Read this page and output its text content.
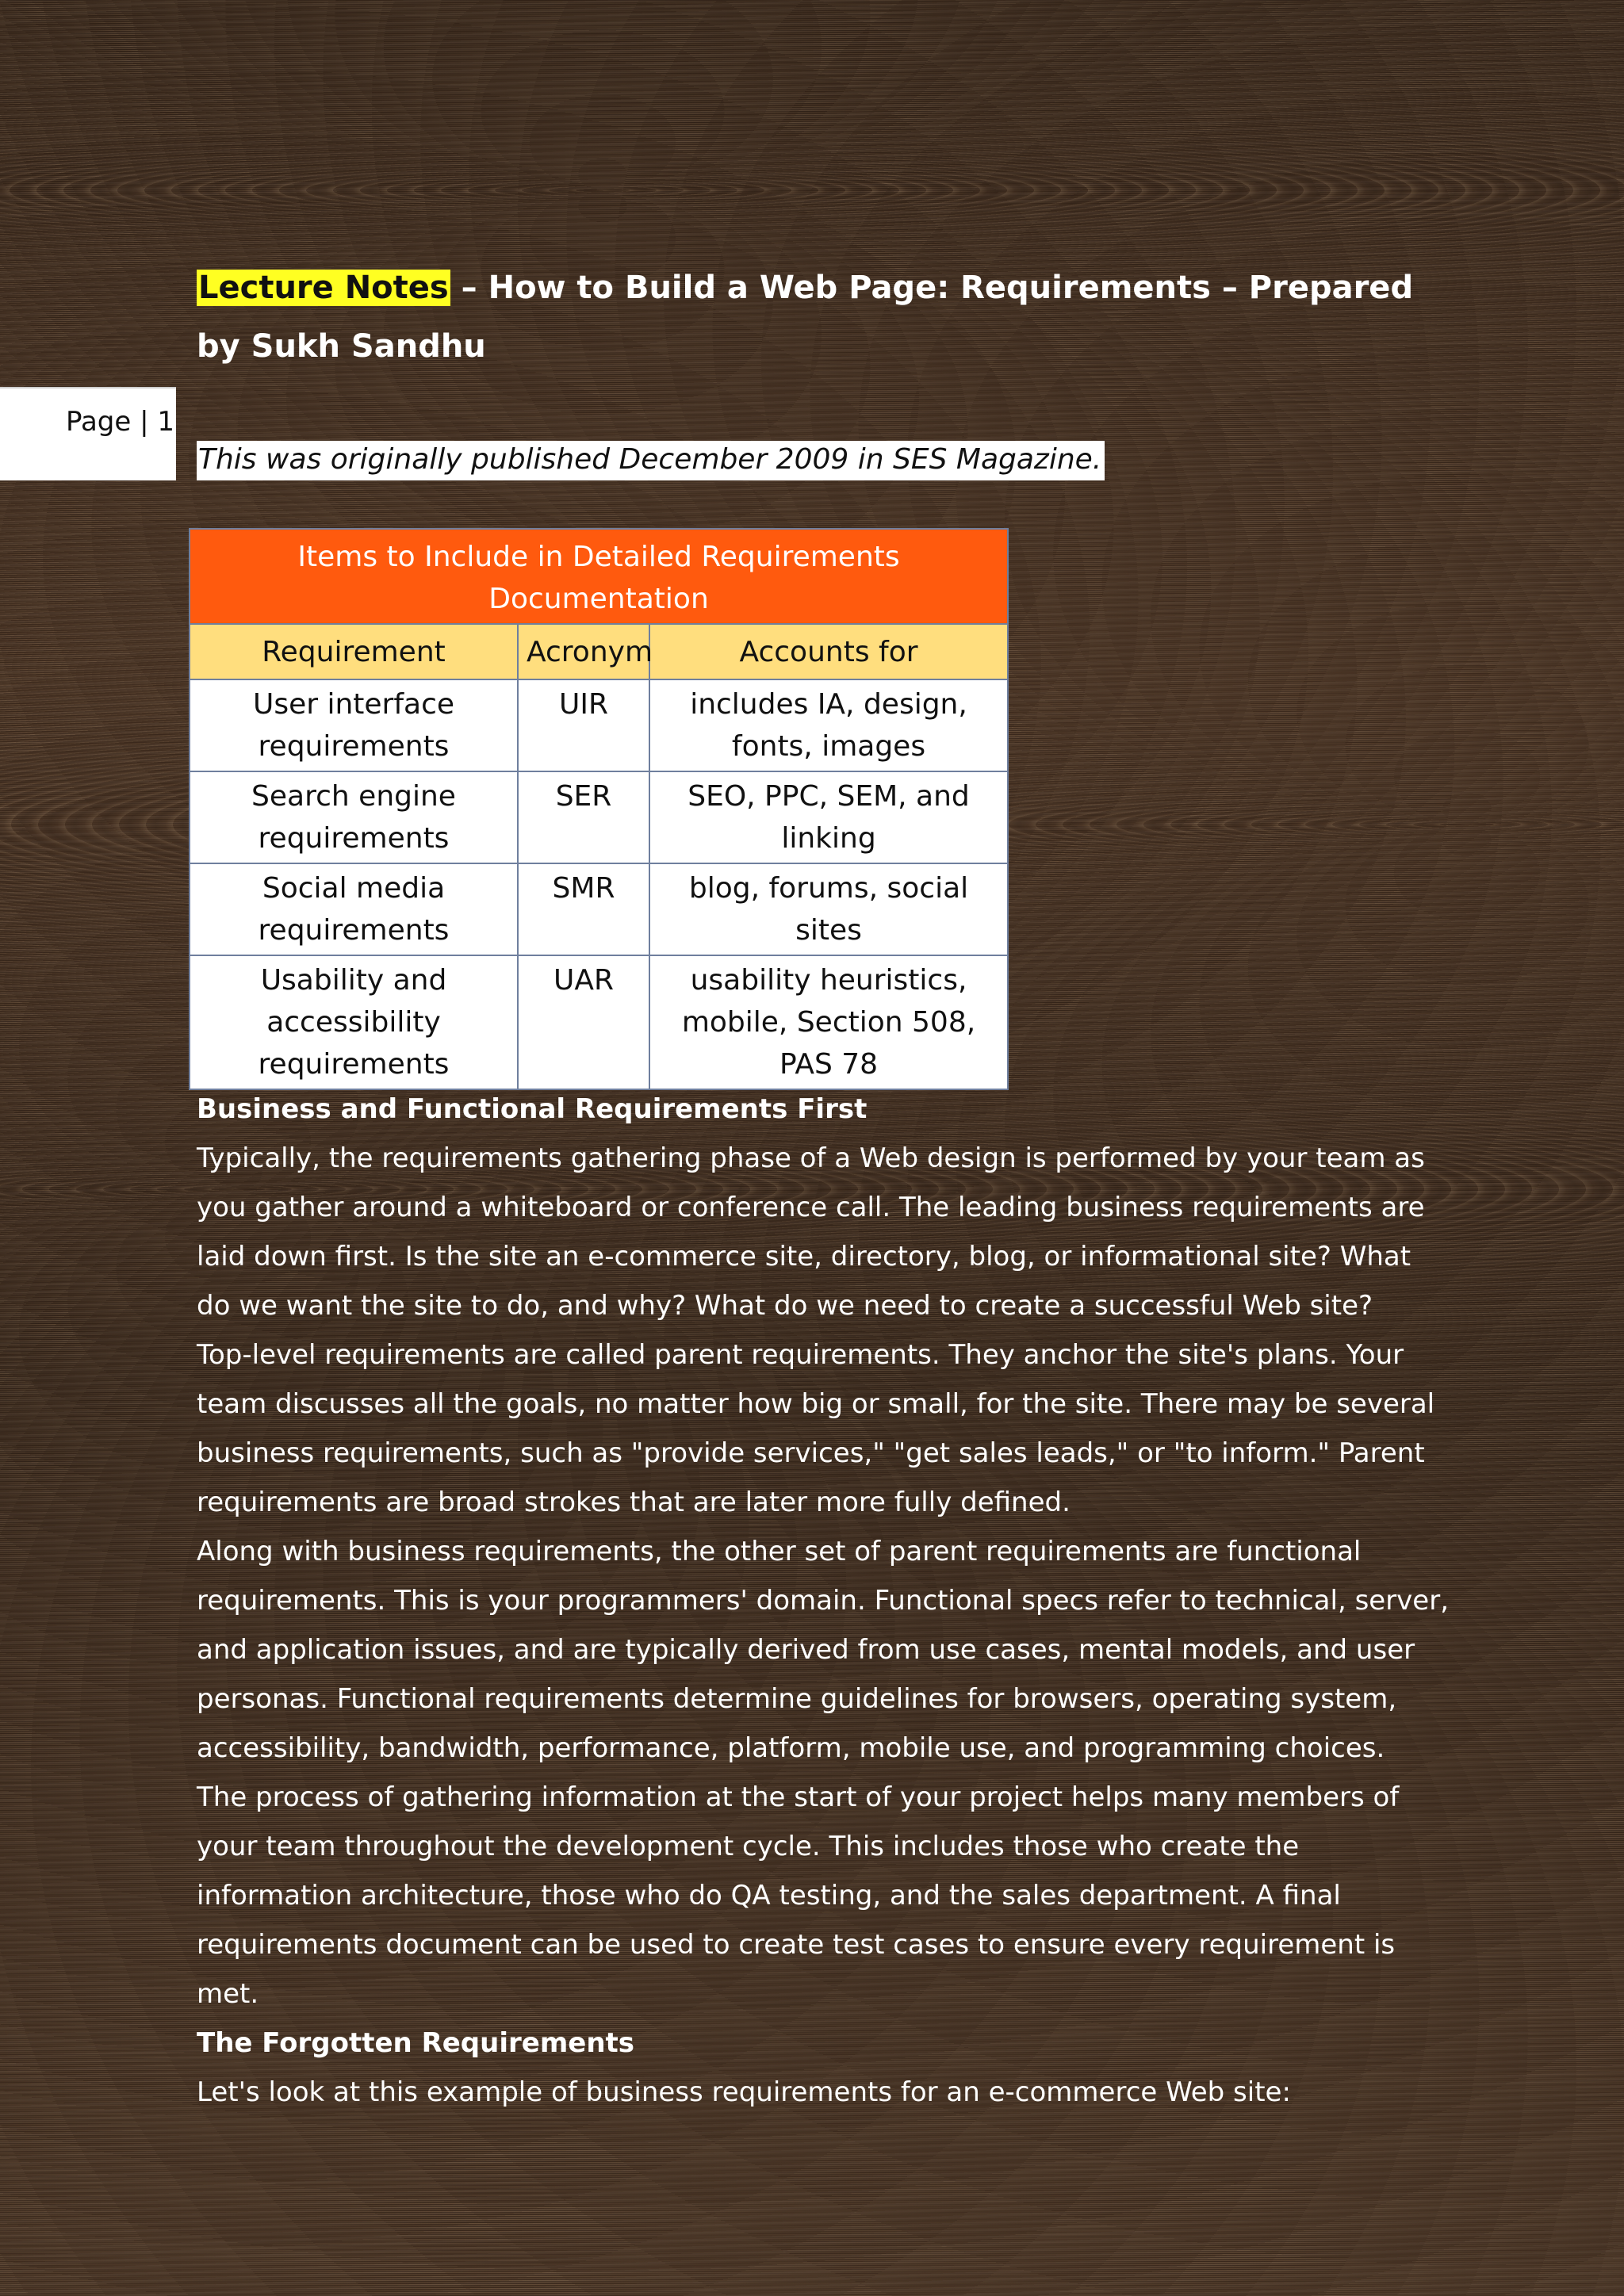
Page | 1
Lecture Notes – How to Build a Web Page: Requirements – Prepared by Sukh Sandhu
This was originally published December 2009 in SES Magazine.
Items to Include in Detailed Requirements Documentation		
Requirement	Acronym	Accounts for
User interface requirements	UIR	includes IA, design, fonts, images
Search engine requirements	SER	SEO, PPC, SEM, and linking
Social media requirements	SMR	blog, forums, social sites
Usability and accessibility requirements	UAR	usability heuristics, mobile, Section 508, PAS 78
Business and Functional Requirements First

Typically, the requirements gathering phase of a Web design is performed by your team as you gather around a whiteboard or conference call. The leading business requirements are laid down first. Is the site an e-commerce site, directory, blog, or informational site? What do we want the site to do, and why? What do we need to create a successful Web site?

Top-level requirements are called parent requirements. They anchor the site's plans. Your team discusses all the goals, no matter how big or small, for the site. There may be several business requirements, such as "provide services," "get sales leads," or "to inform." Parent requirements are broad strokes that are later more fully defined.

Along with business requirements, the other set of parent requirements are functional requirements. This is your programmers' domain. Functional specs refer to technical, server, and application issues, and are typically derived from use cases, mental models, and user personas. Functional requirements determine guidelines for browsers, operating system, accessibility, bandwidth, performance, platform, mobile use, and programming choices.

The process of gathering information at the start of your project helps many members of your team throughout the development cycle. This includes those who create the information architecture, those who do QA testing, and the sales department. A final requirements document can be used to create test cases to ensure every requirement is met.

The Forgotten Requirements

Let's look at this example of business requirements for an e-commerce Web site:
